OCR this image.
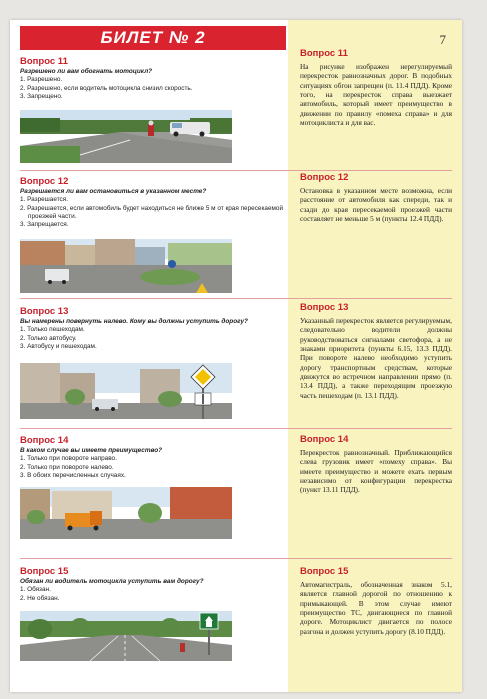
7
БИЛЕТ № 2
Вопрос 11
Разрешено ли вам обогнать мотоцикл?
1. Разрешено.
2. Разрешено, если водитель мотоцикла снизил скорость.
3. Запрещено.
Вопрос 11

На рисунке изображен нерегулируемый перекресток равнозначных дорог. В подобных ситуациях обгон запрещен (п. 11.4 ПДД). Кроме того, на перекресток справа выезжает автомобиль, который имеет преимущество в движении по правилу «помеха справа» и для мотоциклиста и для вас.

Вопрос 12
Разрешается ли вам остановиться в указанном месте?
1. Разрешается.
2. Разрешается, если автомобиль будет находиться не ближе 5 м от края пересекаемой проезжей части.
3. Запрещается.
Вопрос 12

Остановка в указанном месте возможна, если расстояние от автомобиля как спереди, так и сзади до края пересекаемой проезжей части составляет не меньше 5 м (пункты 12.4 ПДД).

Вопрос 13
Вы намерены повернуть налево. Кому вы должны уступить дорогу?
1. Только пешеходам.
2. Только автобусу.
3. Автобусу и пешеходам.
Вопрос 13

Указанный перекресток является регулируемым, следовательно водители должны руководствоваться сигналами светофора, а не знаками приоритета (пункты 6.15, 13.3 ПДД). При повороте налево необходимо уступить дорогу транспортным средствам, которые движутся во встречном направлении прямо (п. 13.4 ПДД), а также переходящим проезжую часть пешеходам (п. 13.1 ПДД).

Вопрос 14
В каком случае вы имеете преимущество?
1. Только при повороте направо.
2. Только при повороте налево.
3. В обоих перечисленных случаях.
Вопрос 14

Перекресток равнозначный. Приближающийся слева грузовик имеет «помеху справа». Вы имеете преимущество и можете ехать первым независимо от конфигурации перекрестка (пункт 13.11 ПДД).

Вопрос 15
Обязан ли водитель мотоцикла уступить вам дорогу?
1. Обязан.
2. Не обязан.
Вопрос 15

Автомагистраль, обозначенная знаком 5.1, является главной дорогой по отношению к примыкающей. В этом случае имеют преимущество ТС, двигающиеся по главной дороге. Мотоциклист двигается по полосе разгона и должен уступить дорогу (8.10 ПДД).
